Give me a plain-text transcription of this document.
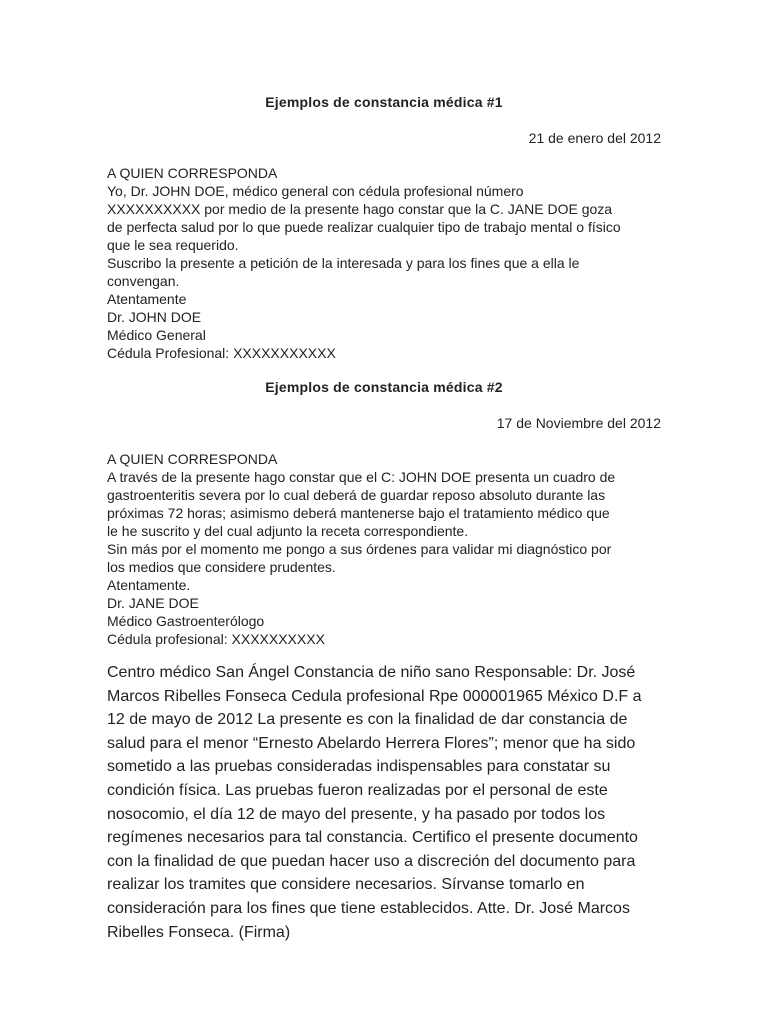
Ejemplos de constancia médica #1
21 de enero del 2012
A QUIEN CORRESPONDA
Yo, Dr. JOHN DOE, médico general con cédula profesional número
XXXXXXXXXX por medio de la presente hago constar que la C. JANE DOE goza
de perfecta salud por lo que puede realizar cualquier tipo de trabajo mental o físico
que le sea requerido.
Suscribo la presente a petición de la interesada y para los fines que a ella le
convengan.
Atentamente
Dr. JOHN DOE
Médico General
Cédula Profesional: XXXXXXXXXXX
Ejemplos de constancia médica #2
17 de Noviembre del 2012
A QUIEN CORRESPONDA
A través de la presente hago constar que el C: JOHN DOE presenta un cuadro de
gastroenteritis severa por lo cual deberá de guardar reposo absoluto durante las
próximas 72 horas; asimismo deberá mantenerse bajo el tratamiento médico que
le he suscrito y del cual adjunto la receta correspondiente.
Sin más por el momento me pongo a sus órdenes para validar mi diagnóstico por
los medios que considere prudentes.
Atentamente.
Dr. JANE DOE
Médico Gastroenterólogo
Cédula profesional: XXXXXXXXXX
Centro médico San Ángel Constancia de niño sano Responsable: Dr. José
Marcos Ribelles Fonseca Cedula profesional Rpe 000001965 México D.F a
12 de mayo de 2012 La presente es con la finalidad de dar constancia de
salud para el menor “Ernesto Abelardo Herrera Flores”; menor que ha sido
sometido a las pruebas consideradas indispensables para constatar su
condición física. Las pruebas fueron realizadas por el personal de este
nosocomio, el día 12 de mayo del presente, y ha pasado por todos los
regímenes necesarios para tal constancia. Certifico el presente documento
con la finalidad de que puedan hacer uso a discreción del documento para
realizar los tramites que considere necesarios. Sírvanse tomarlo en
consideración para los fines que tiene establecidos. Atte. Dr. José Marcos
Ribelles Fonseca. (Firma)
